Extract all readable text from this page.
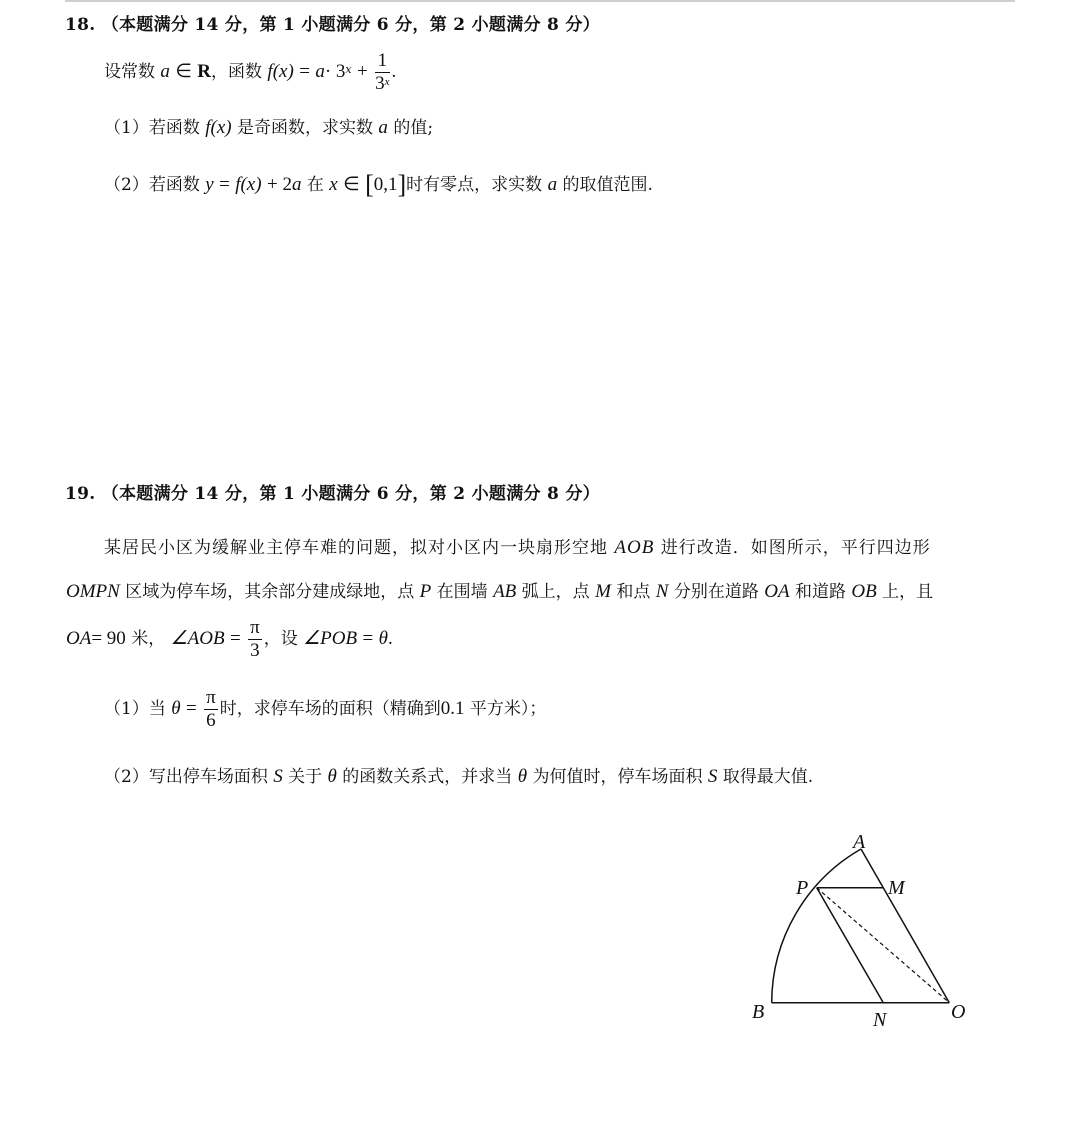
18. （本题满分 14 分，第 1 小题满分 6 分，第 2 小题满分 8 分）
设常数 a ∈ R，函数 $f(x) = a\cdot 3^x + \frac{1}{3^x}$ .
（1）若函数 f(x) 是奇函数，求实数 a 的值;
（2）若函数 y = f(x) + 2a 在 x ∈ [0,1]时有零点，求实数 a 的取值范围.
19. （本题满分 14 分，第 1 小题满分 6 分，第 2 小题满分 8 分）
某居民小区为缓解业主停车难的问题，拟对小区内一块扇形空地 AOB 进行改造．如图所示，平行四边形
OMPN 区域为停车场，其余部分建成绿地，点 P 在围墙 AB 弧上，点 M 和点 N 分别在道路 OA 和道路 OB 上，且
OA= 90 米， ∠AOB = $\frac{\pi}{3}$ ，设 ∠POB = θ.
（1）当 $\theta = \frac{\pi}{6}$ 时，求停车场的面积（精确到0.1 平方米）；
（2）写出停车场面积 S 关于 θ 的函数关系式，并求当 θ 为何值时，停车场面积 S 取得最大值.
A
P	M
B	N	O
